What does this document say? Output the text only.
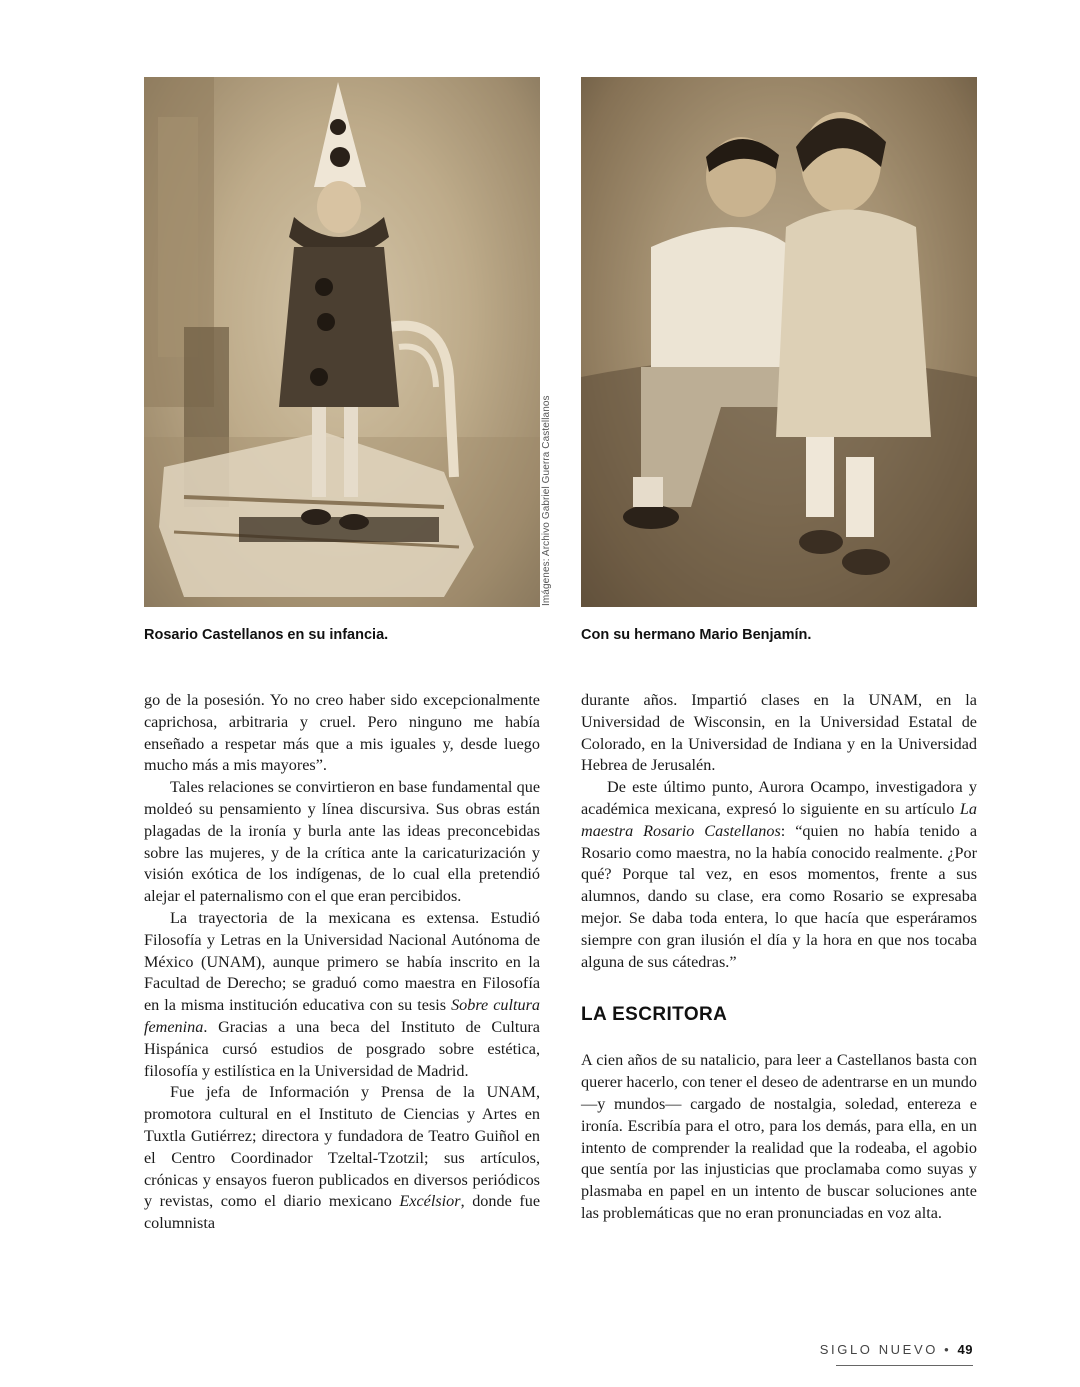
Imágenes: Archivo Gabriel Guerra Castellanos
Rosario Castellanos en su infancia.	Con su hermano Mario Benjamín.

go de la posesión. Yo no creo haber sido excepcionalmente caprichosa, arbitraria y cruel. Pero ninguno me había enseñado a respetar más que a mis iguales y, desde luego mucho más a mis mayores”.

Tales relaciones se convirtieron en base fundamental que moldeó su pensamiento y línea discursiva. Sus obras están plagadas de la ironía y burla ante las ideas preconcebidas sobre las mujeres, y de la crítica ante la caricaturización y visión exótica de los indígenas, de lo cual ella pretendió alejar el paternalismo con el que eran percibidos.

La trayectoria de la mexicana es extensa. Estudió Filosofía y Letras en la Universidad Nacional Autónoma de México (UNAM), aunque primero se había inscrito en la Facultad de Derecho; se graduó como maestra en Filosofía en la misma institución educativa con su tesis Sobre cultura femenina. Gracias a una beca del Instituto de Cultura Hispánica cursó estudios de posgrado sobre estética, filosofía y estilística en la Universidad de Madrid.

Fue jefa de Información y Prensa de la UNAM, promotora cultural en el Instituto de Ciencias y Artes en Tuxtla Gutiérrez; directora y fundadora de Teatro Guiñol en el Centro Coordinador Tzeltal-Tzotzil; sus artículos, crónicas y ensayos fueron publicados en diversos periódicos y revistas, como el diario mexicano Excélsior, donde fue columnista

durante años. Impartió clases en la UNAM, en la Universidad de Wisconsin, en la Universidad Estatal de Colorado, en la Universidad de Indiana y en la Universidad Hebrea de Jerusalén.

De este último punto, Aurora Ocampo, investigadora y académica mexicana, expresó lo siguiente en su artículo La maestra Rosario Castellanos: “quien no había tenido a Rosario como maestra, no la había conocido realmente. ¿Por qué? Porque tal vez, en esos momentos, frente a sus alumnos, dando su clase, era como Rosario se expresaba mejor. Se daba toda entera, lo que hacía que esperáramos siempre con gran ilusión el día y la hora en que nos tocaba alguna de sus cátedras.”

LA ESCRITORA

A cien años de su natalicio, para leer a Castellanos basta con querer hacerlo, con tener el deseo de adentrarse en un mundo —y mundos— cargado de nostalgia, soledad, entereza e ironía. Escribía para el otro, para los demás, para ella, en un intento de comprender la realidad que la rodeaba, el agobio que sentía por las injusticias que proclamaba como suyas y plasmaba en papel en un intento de buscar soluciones ante las problemáticas que no eran pronunciadas en voz alta.

SIGLO NUEVO • 49
